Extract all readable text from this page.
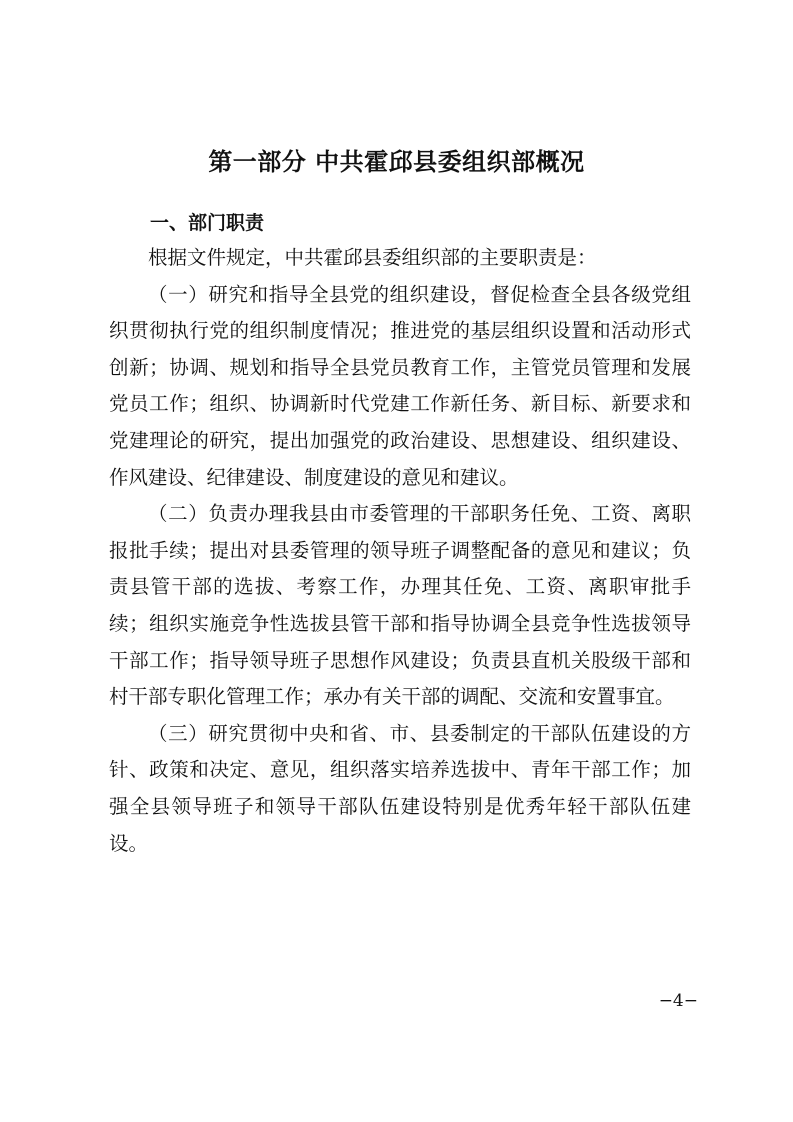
第一部分 中共霍邱县委组织部概况
一、部门职责

根据文件规定，中共霍邱县委组织部的主要职责是：

（一）研究和指导全县党的组织建设，督促检查全县各级党组织贯彻执行党的组织制度情况；推进党的基层组织设置和活动形式创新；协调、规划和指导全县党员教育工作，主管党员管理和发展党员工作；组织、协调新时代党建工作新任务、新目标、新要求和党建理论的研究，提出加强党的政治建设、思想建设、组织建设、作风建设、纪律建设、制度建设的意见和建议。

（二）负责办理我县由市委管理的干部职务任免、工资、离职报批手续；提出对县委管理的领导班子调整配备的意见和建议；负责县管干部的选拔、考察工作，办理其任免、工资、离职审批手续；组织实施竞争性选拔县管干部和指导协调全县竞争性选拔领导干部工作；指导领导班子思想作风建设；负责县直机关股级干部和村干部专职化管理工作；承办有关干部的调配、交流和安置事宜。

（三）研究贯彻中央和省、市、县委制定的干部队伍建设的方针、政策和决定、意见，组织落实培养选拔中、青年干部工作；加强全县领导班子和领导干部队伍建设特别是优秀年轻干部队伍建设。

−4−
